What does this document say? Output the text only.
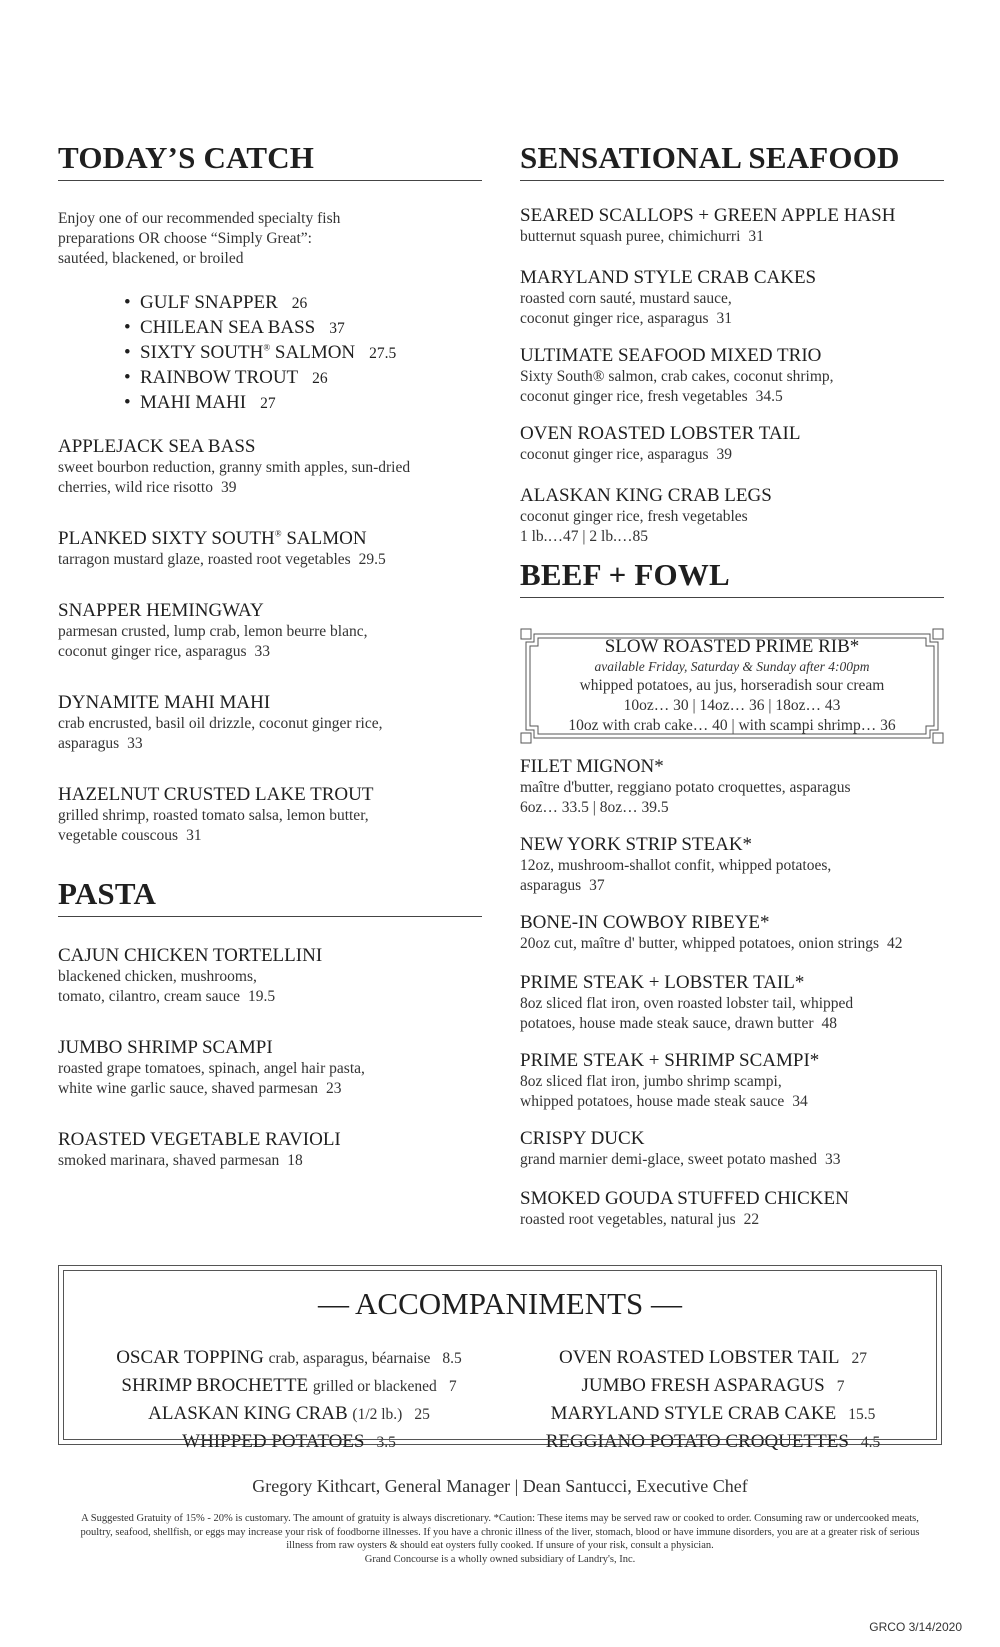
TODAY’S CATCH
Enjoy one of our recommended specialty fish preparations OR choose “Simply Great”: sautéed, blackened, or broiled
• GULF SNAPPER 26
• CHILEAN SEA BASS 37
• SIXTY SOUTH® SALMON 27.5
• RAINBOW TROUT 26
• MAHI MAHI 27
APPLEJACK SEA BASS
sweet bourbon reduction, granny smith apples, sun-dried cherries, wild rice risotto 39
PLANKED SIXTY SOUTH® SALMON
tarragon mustard glaze, roasted root vegetables 29.5
SNAPPER HEMINGWAY
parmesan crusted, lump crab, lemon beurre blanc, coconut ginger rice, asparagus 33
DYNAMITE MAHI MAHI
crab encrusted, basil oil drizzle, coconut ginger rice, asparagus 33
HAZELNUT CRUSTED LAKE TROUT
grilled shrimp, roasted tomato salsa, lemon butter, vegetable couscous 31
PASTA
CAJUN CHICKEN TORTELLINI
blackened chicken, mushrooms,
tomato, cilantro, cream sauce 19.5
JUMBO SHRIMP SCAMPI
roasted grape tomatoes, spinach, angel hair pasta,
white wine garlic sauce, shaved parmesan 23
ROASTED VEGETABLE RAVIOLI
smoked marinara, shaved parmesan 18
SENSATIONAL SEAFOOD
SEARED SCALLOPS + GREEN APPLE HASH
butternut squash puree, chimichurri 31
MARYLAND STYLE CRAB CAKES
roasted corn sauté, mustard sauce,
coconut ginger rice, asparagus 31
ULTIMATE SEAFOOD MIXED TRIO
Sixty South® salmon, crab cakes, coconut shrimp,
coconut ginger rice, fresh vegetables 34.5
OVEN ROASTED LOBSTER TAIL
coconut ginger rice, asparagus 39
ALASKAN KING CRAB LEGS
coconut ginger rice, fresh vegetables
1 lb.…47 | 2 lb.…85
BEEF + FOWL
SLOW ROASTED PRIME RIB*
available Friday, Saturday & Sunday after 4:00pm
whipped potatoes, au jus, horseradish sour cream
10oz… 30 | 14oz… 36 | 18oz… 43
10oz with crab cake… 40 | with scampi shrimp… 36
FILET MIGNON*
maître d'butter, reggiano potato croquettes, asparagus
6oz… 33.5 | 8oz… 39.5
NEW YORK STRIP STEAK*
12oz, mushroom-shallot confit, whipped potatoes,
asparagus 37
BONE-IN COWBOY RIBEYE*
20oz cut, maître d' butter, whipped potatoes, onion strings 42
PRIME STEAK + LOBSTER TAIL*
8oz sliced flat iron, oven roasted lobster tail, whipped
potatoes, house made steak sauce, drawn butter 48
PRIME STEAK + SHRIMP SCAMPI*
8oz sliced flat iron, jumbo shrimp scampi,
whipped potatoes, house made steak sauce 34
CRISPY DUCK
grand marnier demi-glace, sweet potato mashed 33
SMOKED GOUDA STUFFED CHICKEN
roasted root vegetables, natural jus 22
— ACCOMPANIMENTS —
OSCAR TOPPING crab, asparagus, béarnaise 8.5
SHRIMP BROCHETTE grilled or blackened 7
ALASKAN KING CRAB (1/2 lb.) 25
WHIPPED POTATOES 3.5
OVEN ROASTED LOBSTER TAIL 27
JUMBO FRESH ASPARAGUS 7
MARYLAND STYLE CRAB CAKE 15.5
REGGIANO POTATO CROQUETTES 4.5
Gregory Kithcart, General Manager | Dean Santucci, Executive Chef
A Suggested Gratuity of 15% - 20% is customary. The amount of gratuity is always discretionary. *Caution: These items may be served raw or cooked to order. Consuming raw or undercooked meats, poultry, seafood, shellfish, or eggs may increase your risk of foodborne illnesses. If you have a chronic illness of the liver, stomach, blood or have immune disorders, you are at a greater risk of serious illness from raw oysters & should eat oysters fully cooked. If unsure of your risk, consult a physician.
Grand Concourse is a wholly owned subsidiary of Landry's, Inc.
GRCO 3/14/2020
